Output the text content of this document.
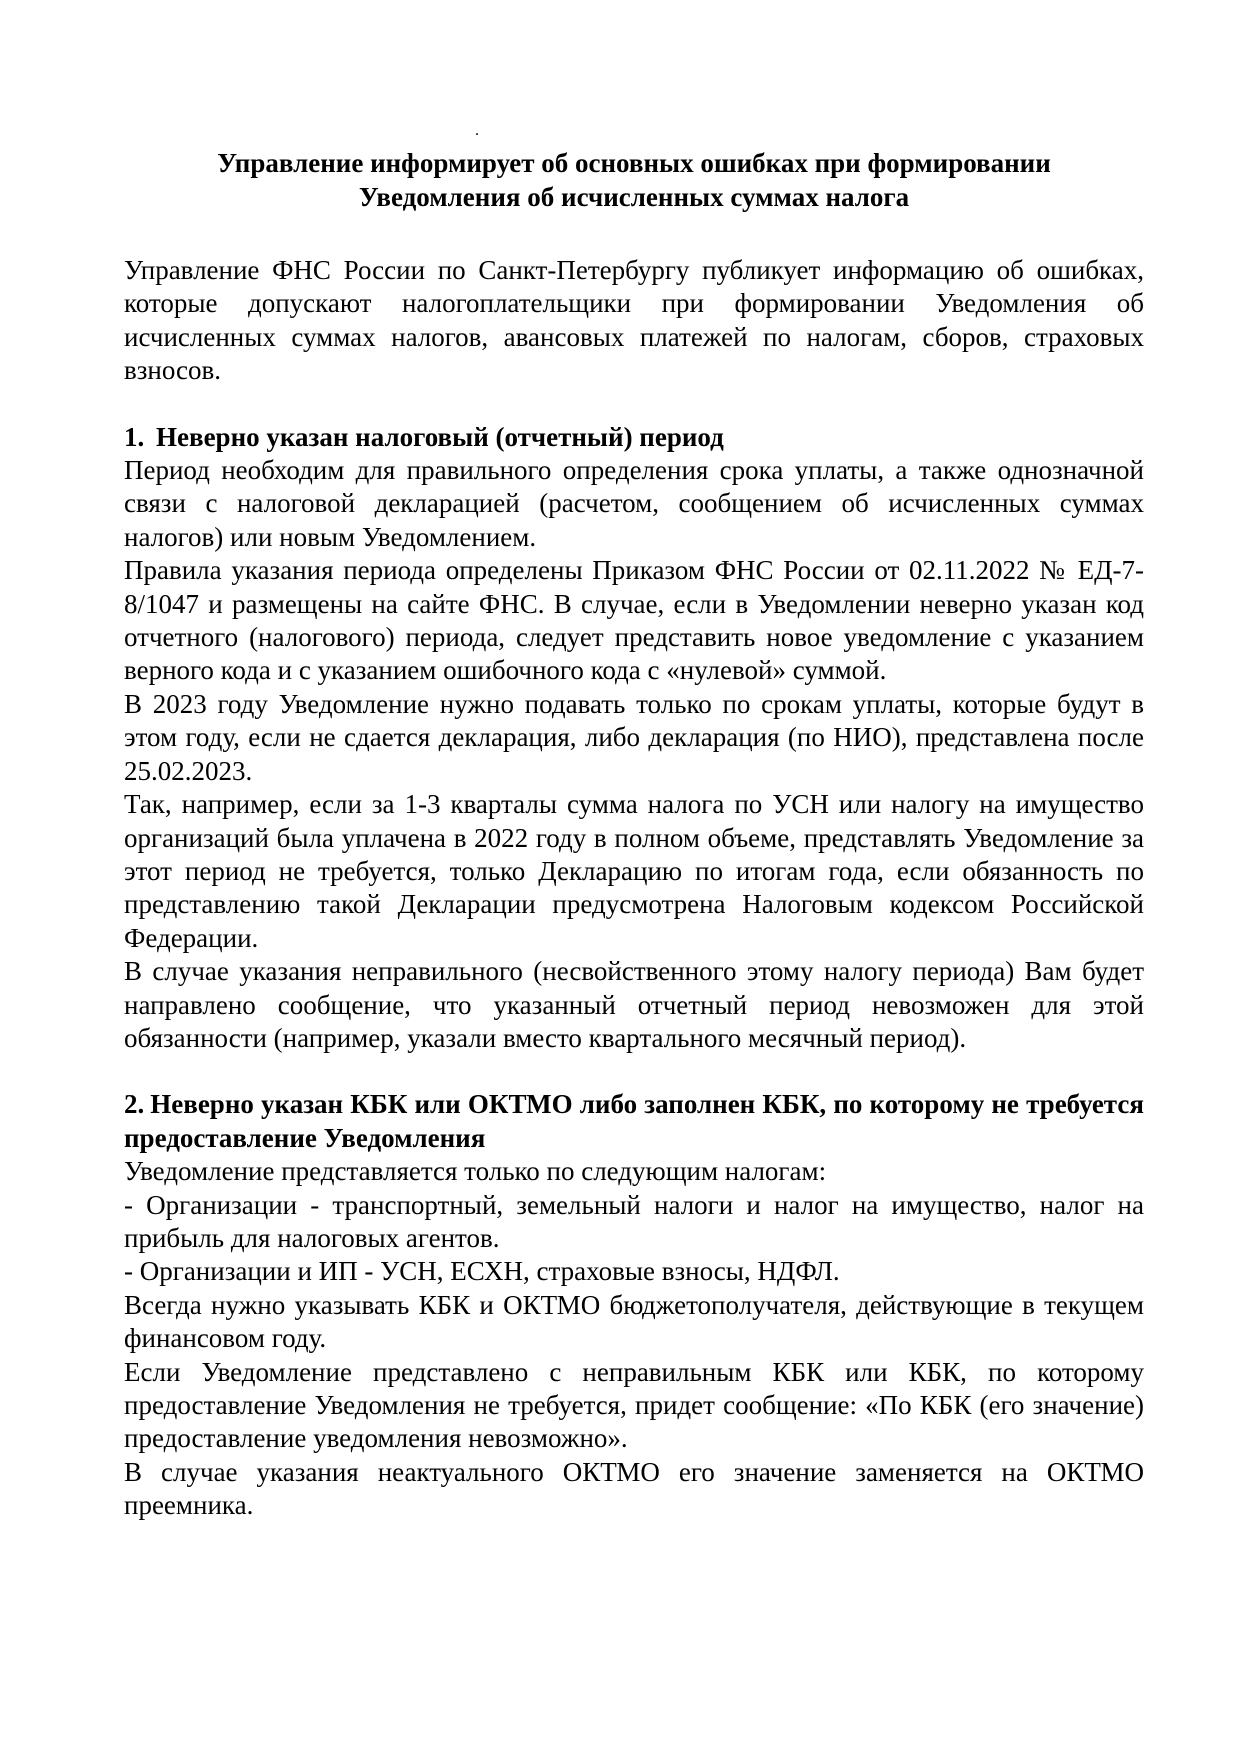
.
Управление информирует об основных ошибках при формировании
Уведомления об исчисленных суммах налога

Управление ФНС России по Санкт-Петербургу публикует информацию об ошибках, которые допускают налогоплательщики при формировании Уведомления об исчисленных суммах налогов, авансовых платежей по налогам, сборов, страховых взносов.

1. Неверно указан налоговый (отчетный) период

Период необходим для правильного определения срока уплаты, а также однозначной связи с налоговой декларацией (расчетом, сообщением об исчисленных суммах налогов) или новым Уведомлением.

Правила указания периода определены Приказом ФНС России от 02.11.2022 № ЕД-7-8/1047 и размещены на сайте ФНС. В случае, если в Уведомлении неверно указан код отчетного (налогового) периода, следует представить новое уведомление с указанием верного кода и с указанием ошибочного кода с «нулевой» суммой.

В 2023 году Уведомление нужно подавать только по срокам уплаты, которые будут в этом году, если не сдается декларация, либо декларация (по НИО), представлена после 25.02.2023.

Так, например, если за 1-3 кварталы сумма налога по УСН или налогу на имущество организаций была уплачена в 2022 году в полном объеме, представлять Уведомление за этот период не требуется, только Декларацию по итогам года, если обязанность по представлению такой Декларации предусмотрена Налоговым кодексом Российской Федерации.

В случае указания неправильного (несвойственного этому налогу периода) Вам будет направлено сообщение, что указанный отчетный период невозможен для этой обязанности (например, указали вместо квартального месячный период).

2. Неверно указан КБК или ОКТМО либо заполнен КБК, по которому не требуется предоставление Уведомления

Уведомление представляется только по следующим налогам:

- Организации - транспортный, земельный налоги и налог на имущество, налог на прибыль для налоговых агентов.

- Организации и ИП - УСН, ЕСХН, страховые взносы, НДФЛ.

Всегда нужно указывать КБК и ОКТМО бюджетополучателя, действующие в текущем финансовом году.

Если Уведомление представлено с неправильным КБК или КБК, по которому предоставление Уведомления не требуется, придет сообщение: «По КБК (его значение) предоставление уведомления невозможно».

В случае указания неактуального ОКТМО его значение заменяется на ОКТМО преемника.
